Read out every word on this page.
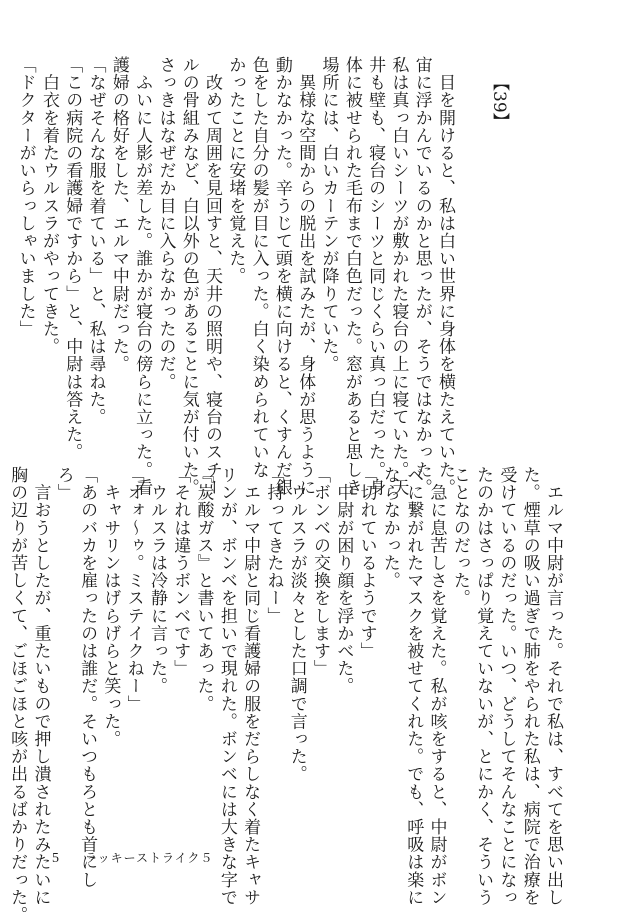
【39】
　目を開けると、私は白い世界に身体を横たえていた。
宙に浮かんでいるのかと思ったが、そうではなかった。
私は真っ白いシーツが敷かれた寝台の上に寝ていた。天
井も壁も、寝台のシーツと同じくらい真っ白だった。身
体に被せられた毛布まで白色だった。窓があると思しき
場所には、白いカーテンが降りていた。
　異様な空間からの脱出を試みたが、身体が思うように
動かなかった。辛うじて頭を横に向けると、くすんだ銀
色をした自分の髪が目に入った。白く染められていな
かったことに安堵を覚えた。
　改めて周囲を見回すと、天井の照明や、寝台のスチー
ルの骨組みなど、白以外の色があることに気が付いた。
さっきはなぜだか目に入らなかったのだ。
　ふいに人影が差した。誰かが寝台の傍らに立った。看
護婦の格好をした、エルマ中尉だった。
「なぜそんな服を着ている」と、私は尋ねた。
「この病院の看護婦ですから」と、中尉は答えた。
　白衣を着たウルスラがやってきた。
「ドクターがいらっしゃいました」
　エルマ中尉が言った。それで私は、すべてを思い出し
た。煙草の吸い過ぎで肺をやられた私は、病院で治療を
受けているのだった。いつ、どうしてそんなことになっ
たのかはさっぱり覚えていないが、とにかく、そういう
ことなのだった。
　急に息苦しさを覚えた。私が咳をすると、中尉がボン
ベに繋がれたマスクを被せてくれた。でも、呼吸は楽に
ならなかった。
「切れているようです」
　中尉が困り顔を浮かべた。
「ボンベの交換をします」
　ウルスラが淡々とした口調で言った。
「持ってきたねー」
　エルマ中尉と同じ看護婦の服をだらしなく着たキャサ
リンが、ボンベを担いで現れた。ボンベには大きな字で
『炭酸ガス』と書いてあった。
「それは違うボンベです」
　ウルスラは冷静に言った。
「オォ～ゥ。ミステイクねー」
　キャサリンはげらげらと笑った。
「あのバカを雇ったのは誰だ。そいつもろとも首にし
ろ」
　言おうとしたが、重たいもので押し潰されたみたいに
胸の辺りが苦しくて、ごほごほと咳が出るばかりだった。 5 ラッキーストライク５
